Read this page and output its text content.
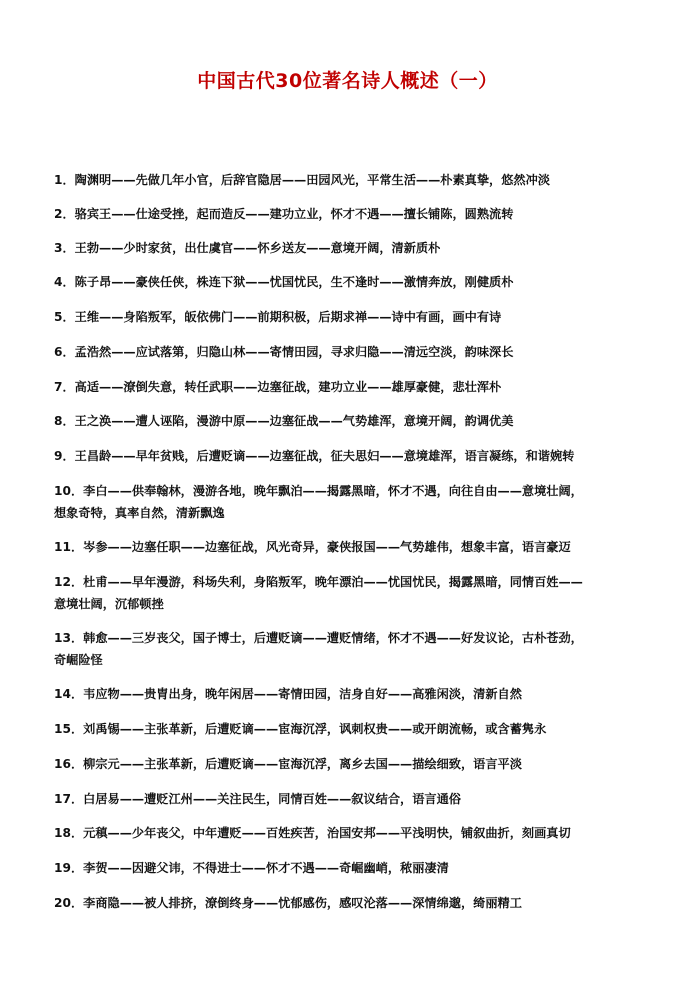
中国古代30位著名诗人概述（一）
1．陶渊明——先做几年小官，后辞官隐居——田园风光，平常生活——朴素真挚，悠然冲淡
2．骆宾王——仕途受挫，起而造反——建功立业，怀才不遇——擅长铺陈，圆熟流转
3．王勃——少时家贫，出仕虞官——怀乡送友——意境开阔，清新质朴
4．陈子昂——豪侠任侠，株连下狱——忧国忧民，生不逢时——激情奔放，刚健质朴
5．王维——身陷叛军，皈依佛门——前期积极，后期求禅——诗中有画，画中有诗
6．孟浩然——应试落第，归隐山林——寄情田园，寻求归隐——清远空淡，韵味深长
7．高适——潦倒失意，转任武职——边塞征战，建功立业——雄厚豪健，悲壮浑朴
8．王之涣——遭人诬陷，漫游中原——边塞征战——气势雄浑，意境开阔，韵调优美
9．王昌龄——早年贫贱，后遭贬谪——边塞征战，征夫思妇——意境雄浑，语言凝练，和谐婉转
10．李白——供奉翰林，漫游各地，晚年飘泊——揭露黑暗，怀才不遇，向往自由——意境壮阔，
想象奇特，真率自然，清新飘逸
11．岑参——边塞任职——边塞征战，风光奇异，豪侠报国——气势雄伟，想象丰富，语言豪迈
12．杜甫——早年漫游，科场失利，身陷叛军，晚年漂泊——忧国忧民，揭露黑暗，同情百姓——
意境壮阔，沉郁顿挫
13．韩愈——三岁丧父，国子博士，后遭贬谪——遭贬情绪，怀才不遇——好发议论，古朴苍劲，
奇崛险怪
14．韦应物——贵胄出身，晚年闲居——寄情田园，洁身自好——高雅闲淡，清新自然
15．刘禹锡——主张革新，后遭贬谪——宦海沉浮，讽刺权贵——或开朗流畅，或含蓄隽永
16．柳宗元——主张革新，后遭贬谪——宦海沉浮，离乡去国——描绘细致，语言平淡
17．白居易——遭贬江州——关注民生，同情百姓——叙议结合，语言通俗
18．元稹——少年丧父，中年遭贬——百姓疾苦，治国安邦——平浅明快，铺叙曲折，刻画真切
19．李贺——因避父讳，不得进士——怀才不遇——奇崛幽峭，秾丽凄清
20．李商隐——被人排挤，潦倒终身——忧郁感伤，感叹沦落——深情绵邈，绮丽精工
